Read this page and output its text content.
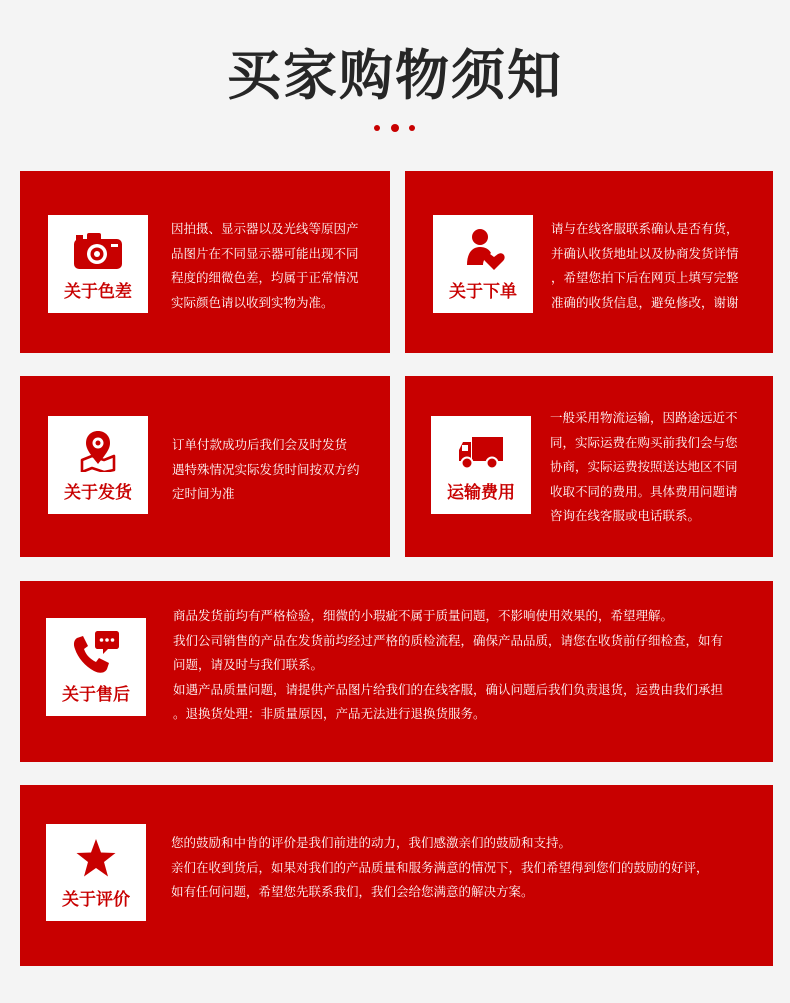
买家购物须知
关于色差

因拍摄、显示器以及光线等原因产

品图片在不同显示器可能出现不同

程度的细微色差，均属于正常情况

实际颜色请以收到实物为准。	关于下单

请与在线客服联系确认是否有货，

并确认收货地址以及协商发货详情

，希望您拍下后在网页上填写完整

准确的收货信息，避免修改，谢谢

关于发货

订单付款成功后我们会及时发货

遇特殊情况实际发货时间按双方约

定时间为准	运输费用

一般采用物流运输，因路途远近不

同，实际运费在购买前我们会与您

协商，实际运费按照送达地区不同

收取不同的费用。具体费用问题请

咨询在线客服或电话联系。

关于售后

商品发货前均有严格检验，细微的小瑕疵不属于质量问题，不影响使用效果的，希望理解。

我们公司销售的产品在发货前均经过严格的质检流程，确保产品品质，请您在收货前仔细检查，如有

问题，请及时与我们联系。

如遇产品质量问题，请提供产品图片给我们的在线客服，确认问题后我们负责退货，运费由我们承担

。退换货处理：非质量原因，产品无法进行退换货服务。

关于评价

您的鼓励和中肯的评价是我们前进的动力，我们感激亲们的鼓励和支持。

亲们在收到货后，如果对我们的产品质量和服务满意的情况下，我们希望得到您们的鼓励的好评，

如有任何问题，希望您先联系我们，我们会给您满意的解决方案。
